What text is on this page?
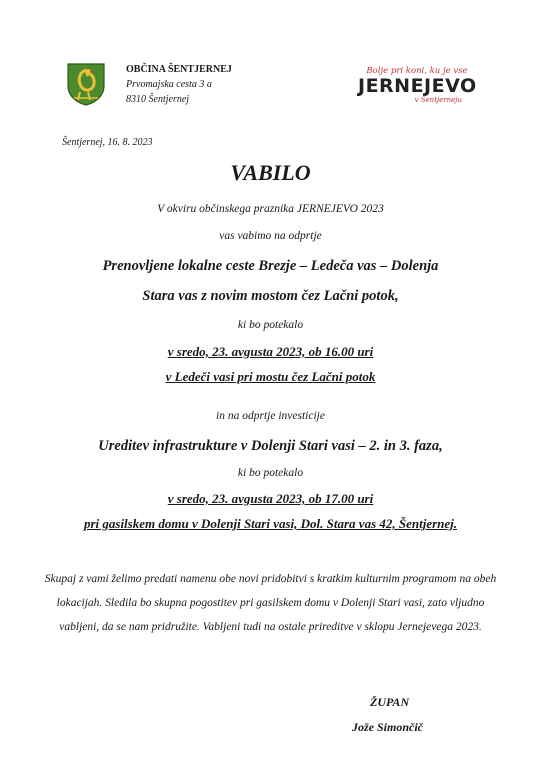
OBČINA ŠENTJERNEJ
Prvomajska cesta 3 a
8310 Šentjernej
Bolje pri koni, ku je vse
JERNEJEVO
v Šentjerneju
Šentjernej, 16. 8. 2023
VABILO
V okviru občinskega praznika JERNEJEVO 2023
vas vabimo na odprtje
Prenovljene lokalne ceste Brezje – Ledeča vas – Dolenja
Stara vas z novim mostom čez Lačni potok,
ki bo potekalo
v sredo, 23. avgusta 2023, ob 16.00 uri
v Ledeči vasi pri mostu čez Lačni potok
in na odprtje investicije
Ureditev infrastrukture v Dolenji Stari vasi – 2. in 3. faza,
ki bo potekalo
v sredo, 23. avgusta 2023, ob 17.00 uri
pri gasilskem domu v Dolenji Stari vasi, Dol. Stara vas 42, Šentjernej.
Skupaj z vami želimo predati namenu obe novi pridobitvi s kratkim kulturnim programom na obeh lokacijah. Sledila bo skupna pogostitev pri gasilskem domu v Dolenji Stari vasi, zato vljudno vabljeni, da se nam pridružite. Vabljeni tudi na ostale prireditve v sklopu Jernejevega 2023.
ŽUPAN
Jože Simončič
